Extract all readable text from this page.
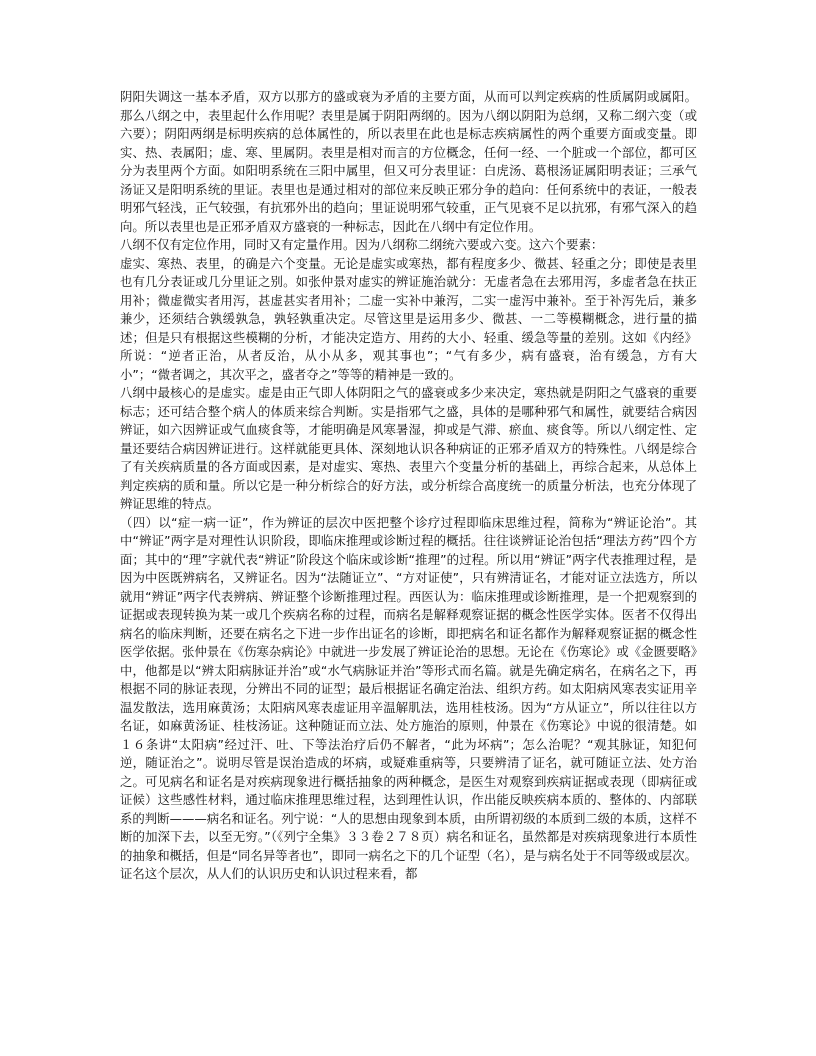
阴阳失调这一基本矛盾，双方以那方的盛或衰为矛盾的主要方面，从而可以判定疾病的性质属阴或属阳。那么八纲之中，表里起什么作用呢？表里是属于阴阳两纲的。因为八纲以阴阳为总纲，又称二纲六变（或六要）；阴阳两纲是标明疾病的总体属性的，所以表里在此也是标志疾病属性的两个重要方面或变量。即实、热、表属阳；虚、寒、里属阴。表里是相对而言的方位概念，任何一经、一个脏或一个部位，都可区分为表里两个方面。如阳明系统在三阳中属里，但又可分表里证：白虎汤、葛根汤证属阳明表证；三承气汤证又是阳明系统的里证。表里也是通过相对的部位来反映正邪分争的趋向：任何系统中的表证，一般表明邪气轻浅，正气较强，有抗邪外出的趋向；里证说明邪气较重，正气见衰不足以抗邪，有邪气深入的趋向。所以表里也是正邪矛盾双方盛衰的一种标志，因此在八纲中有定位作用。

八纲不仅有定位作用，同时又有定量作用。因为八纲称二纲统六要或六变。这六个要素：

虚实、寒热、表里，的确是六个变量。无论是虚实或寒热，都有程度多少、微甚、轻重之分；即使是表里也有几分表证或几分里证之别。如张仲景对虚实的辨证施治就分：无虚者急在去邪用泻，多虚者急在扶正用补；微虚微实者用泻，甚虚甚实者用补；二虚一实补中兼泻，二实一虚泻中兼补。至于补泻先后，兼多兼少，还须结合孰缓孰急，孰轻孰重决定。尽管这里是运用多少、微甚、一二等模糊概念，进行量的描述；但是只有根据这些模糊的分析，才能决定造方、用药的大小、轻重、缓急等量的差别。这如《内经》所说：“逆者正治，从者反治，从小从多，观其事也”；“气有多少，病有盛衰，治有缓急，方有大小”；“微者调之，其次平之，盛者夺之”等等的精神是一致的。

八纲中最核心的是虚实。虚是由正气即人体阴阳之气的盛衰或多少来决定，寒热就是阴阳之气盛衰的重要标志；还可结合整个病人的体质来综合判断。实是指邪气之盛，具体的是哪种邪气和属性，就要结合病因辨证，如六因辨证或气血痰食等，才能明确是风寒暑湿，抑或是气滞、瘀血、痰食等。所以八纲定性、定量还要结合病因辨证进行。这样就能更具体、深刻地认识各种病证的正邪矛盾双方的特殊性。八纲是综合了有关疾病质量的各方面或因素，是对虚实、寒热、表里六个变量分析的基础上，再综合起来，从总体上判定疾病的质和量。所以它是一种分析综合的好方法，或分析综合高度统一的质量分析法，也充分体现了辨证思维的特点。

（四）以“症一病一证”，作为辨证的层次中医把整个诊疗过程即临床思维过程，简称为“辨证论治”。其中“辨证”两字是对理性认识阶段，即临床推理或诊断过程的概括。往往谈辨证论治包括“理法方药”四个方面；其中的“理”字就代表“辨证”阶段这个临床或诊断“推理”的过程。所以用“辨证”两字代表推理过程，是因为中医既辨病名，又辨证名。因为“法随证立”、“方对证使”，只有辨清证名，才能对证立法选方，所以就用“辨证”两字代表辨病、辨证整个诊断推理过程。西医认为：临床推理或诊断推理，是一个把观察到的证据或表现转换为某一或几个疾病名称的过程，而病名是解释观察证据的概念性医学实体。医者不仅得出病名的临床判断，还要在病名之下进一步作出证名的诊断，即把病名和证名都作为解释观察证据的概念性医学依据。张仲景在《伤寒杂病论》中就进一步发展了辨证论治的思想。无论在《伤寒论》或《金匮要略》中，他都是以“辨太阳病脉证并治”或“水气病脉证并治”等形式而名篇。就是先确定病名，在病名之下，再根据不同的脉证表现，分辨出不同的证型；最后根据证名确定治法、组织方药。如太阳病风寒表实证用辛温发散法，选用麻黄汤；太阳病风寒表虚证用辛温解肌法，选用桂枝汤。因为“方从证立”，所以往往以方名证，如麻黄汤证、桂枝汤证。这种随证而立法、处方施治的原则，仲景在《伤寒论》中说的很清楚。如１６条讲“太阳病”经过汗、吐、下等法治疗后仍不解者，“此为坏病”；怎么治呢？“观其脉证，知犯何逆，随证治之”。说明尽管是误治造成的坏病，或疑难重病等，只要辨清了证名，就可随证立法、处方治之。可见病名和证名是对疾病现象进行概括抽象的两种概念，是医生对观察到疾病证据或表现（即病征或证候）这些感性材料，通过临床推理思维过程，达到理性认识，作出能反映疾病本质的、整体的、内部联系的判断———病名和证名。列宁说：“人的思想由现象到本质，由所谓初级的本质到二级的本质，这样不断的加深下去，以至无穷。”（《列宁全集》３３卷２７８页）病名和证名，虽然都是对疾病现象进行本质性的抽象和概括，但是“同名异等者也”，即同一病名之下的几个证型（名），是与病名处于不同等级或层次。证名这个层次，从人们的认识历史和认识过程来看，都
